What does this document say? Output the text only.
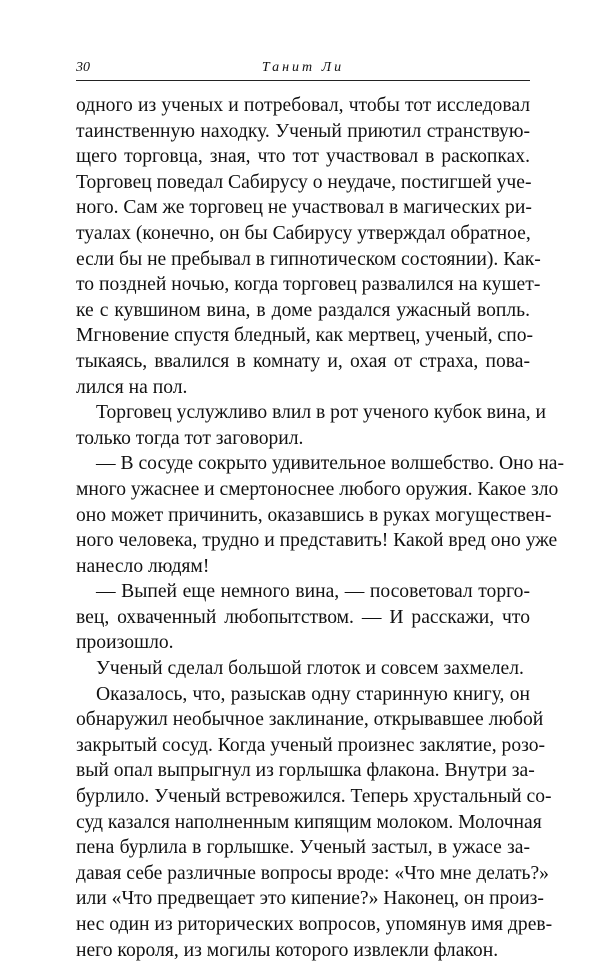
30	Танит Ли
одного из ученых и потребовал, чтобы тот исследовал
таинственную находку. Ученый приютил странствую-
щего торговца, зная, что тот участвовал в раскопках.
Торговец поведал Сабирусу о неудаче, постигшей уче-
ного. Сам же торговец не участвовал в магических ри-
туалах (конечно, он бы Сабирусу утверждал обратное,
если бы не пребывал в гипнотическом состоянии). Как-
то поздней ночью, когда торговец развалился на кушет-
ке с кувшином вина, в доме раздался ужасный вопль.
Мгновение спустя бледный, как мертвец, ученый, спо-
тыкаясь, ввалился в комнату и, охая от страха, пова-
лился на пол.
Торговец услужливо влил в рот ученого кубок вина, и
только тогда тот заговорил.
— В сосуде сокрыто удивительное волшебство. Оно на-
много ужаснее и смертоноснее любого оружия. Какое зло
оно может причинить, оказавшись в руках могуществен-
ного человека, трудно и представить! Какой вред оно уже
нанесло людям!
— Выпей еще немного вина, — посоветовал торго-
вец, охваченный любопытством. — И расскажи, что
произошло.
Ученый сделал большой глоток и совсем захмелел.
Оказалось, что, разыскав одну старинную книгу, он
обнаружил необычное заклинание, открывавшее любой
закрытый сосуд. Когда ученый произнес заклятие, розо-
вый опал выпрыгнул из горлышка флакона. Внутри за-
бурлило. Ученый встревожился. Теперь хрустальный со-
суд казался наполненным кипящим молоком. Молочная
пена бурлила в горлышке. Ученый застыл, в ужасе за-
давая себе различные вопросы вроде: «Что мне делать?»
или «Что предвещает это кипение?» Наконец, он произ-
нес один из риторических вопросов, упомянув имя древ-
него короля, из могилы которого извлекли флакон.
